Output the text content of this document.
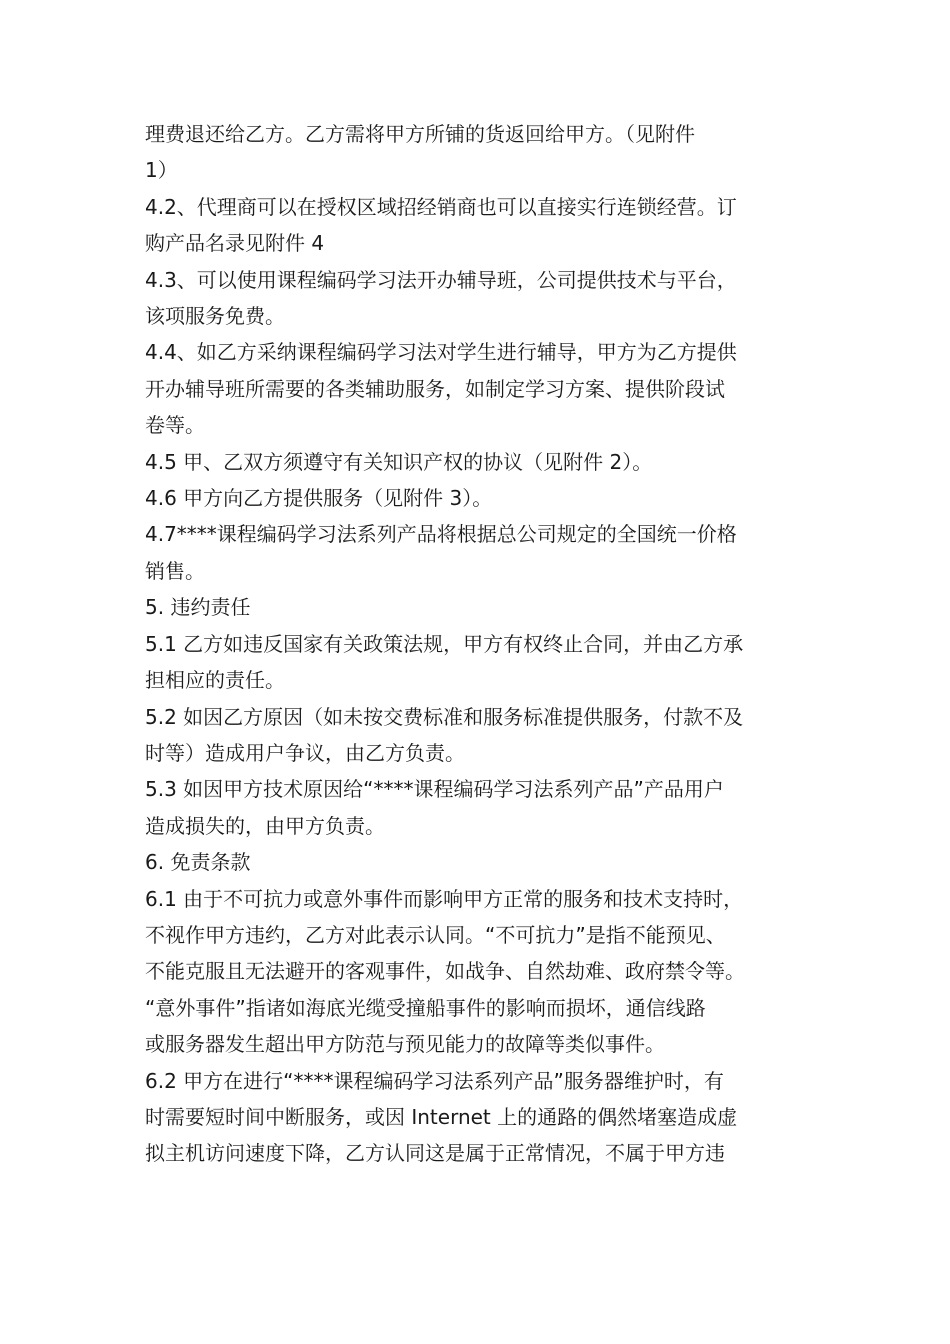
理费退还给乙方。乙方需将甲方所铺的货返回给甲方。（见附件

1）

4.2、代理商可以在授权区域招经销商也可以直接实行连锁经营。订

购产品名录见附件 4

4.3、可以使用课程编码学习法开办辅导班，公司提供技术与平台，

该项服务免费。

4.4、如乙方采纳课程编码学习法对学生进行辅导，甲方为乙方提供

开办辅导班所需要的各类辅助服务，如制定学习方案、提供阶段试

卷等。

4.5 甲、乙双方须遵守有关知识产权的协议（见附件 2）。

4.6 甲方向乙方提供服务（见附件 3）。

4.7****课程编码学习法系列产品将根据总公司规定的全国统一价格

销售。

5. 违约责任

5.1 乙方如违反国家有关政策法规，甲方有权终止合同，并由乙方承

担相应的责任。

5.2 如因乙方原因（如未按交费标准和服务标准提供服务，付款不及

时等）造成用户争议，由乙方负责。

5.3 如因甲方技术原因给“****课程编码学习法系列产品”产品用户

造成损失的，由甲方负责。

6. 免责条款

6.1 由于不可抗力或意外事件而影响甲方正常的服务和技术支持时，

不视作甲方违约，乙方对此表示认同。“不可抗力”是指不能预见、

不能克服且无法避开的客观事件，如战争、自然劫难、政府禁令等。

“意外事件”指诸如海底光缆受撞船事件的影响而损坏，通信线路

或服务器发生超出甲方防范与预见能力的故障等类似事件。

6.2 甲方在进行“****课程编码学习法系列产品”服务器维护时，有

时需要短时间中断服务，或因 Internet 上的通路的偶然堵塞造成虚

拟主机访问速度下降，乙方认同这是属于正常情况，不属于甲方违
